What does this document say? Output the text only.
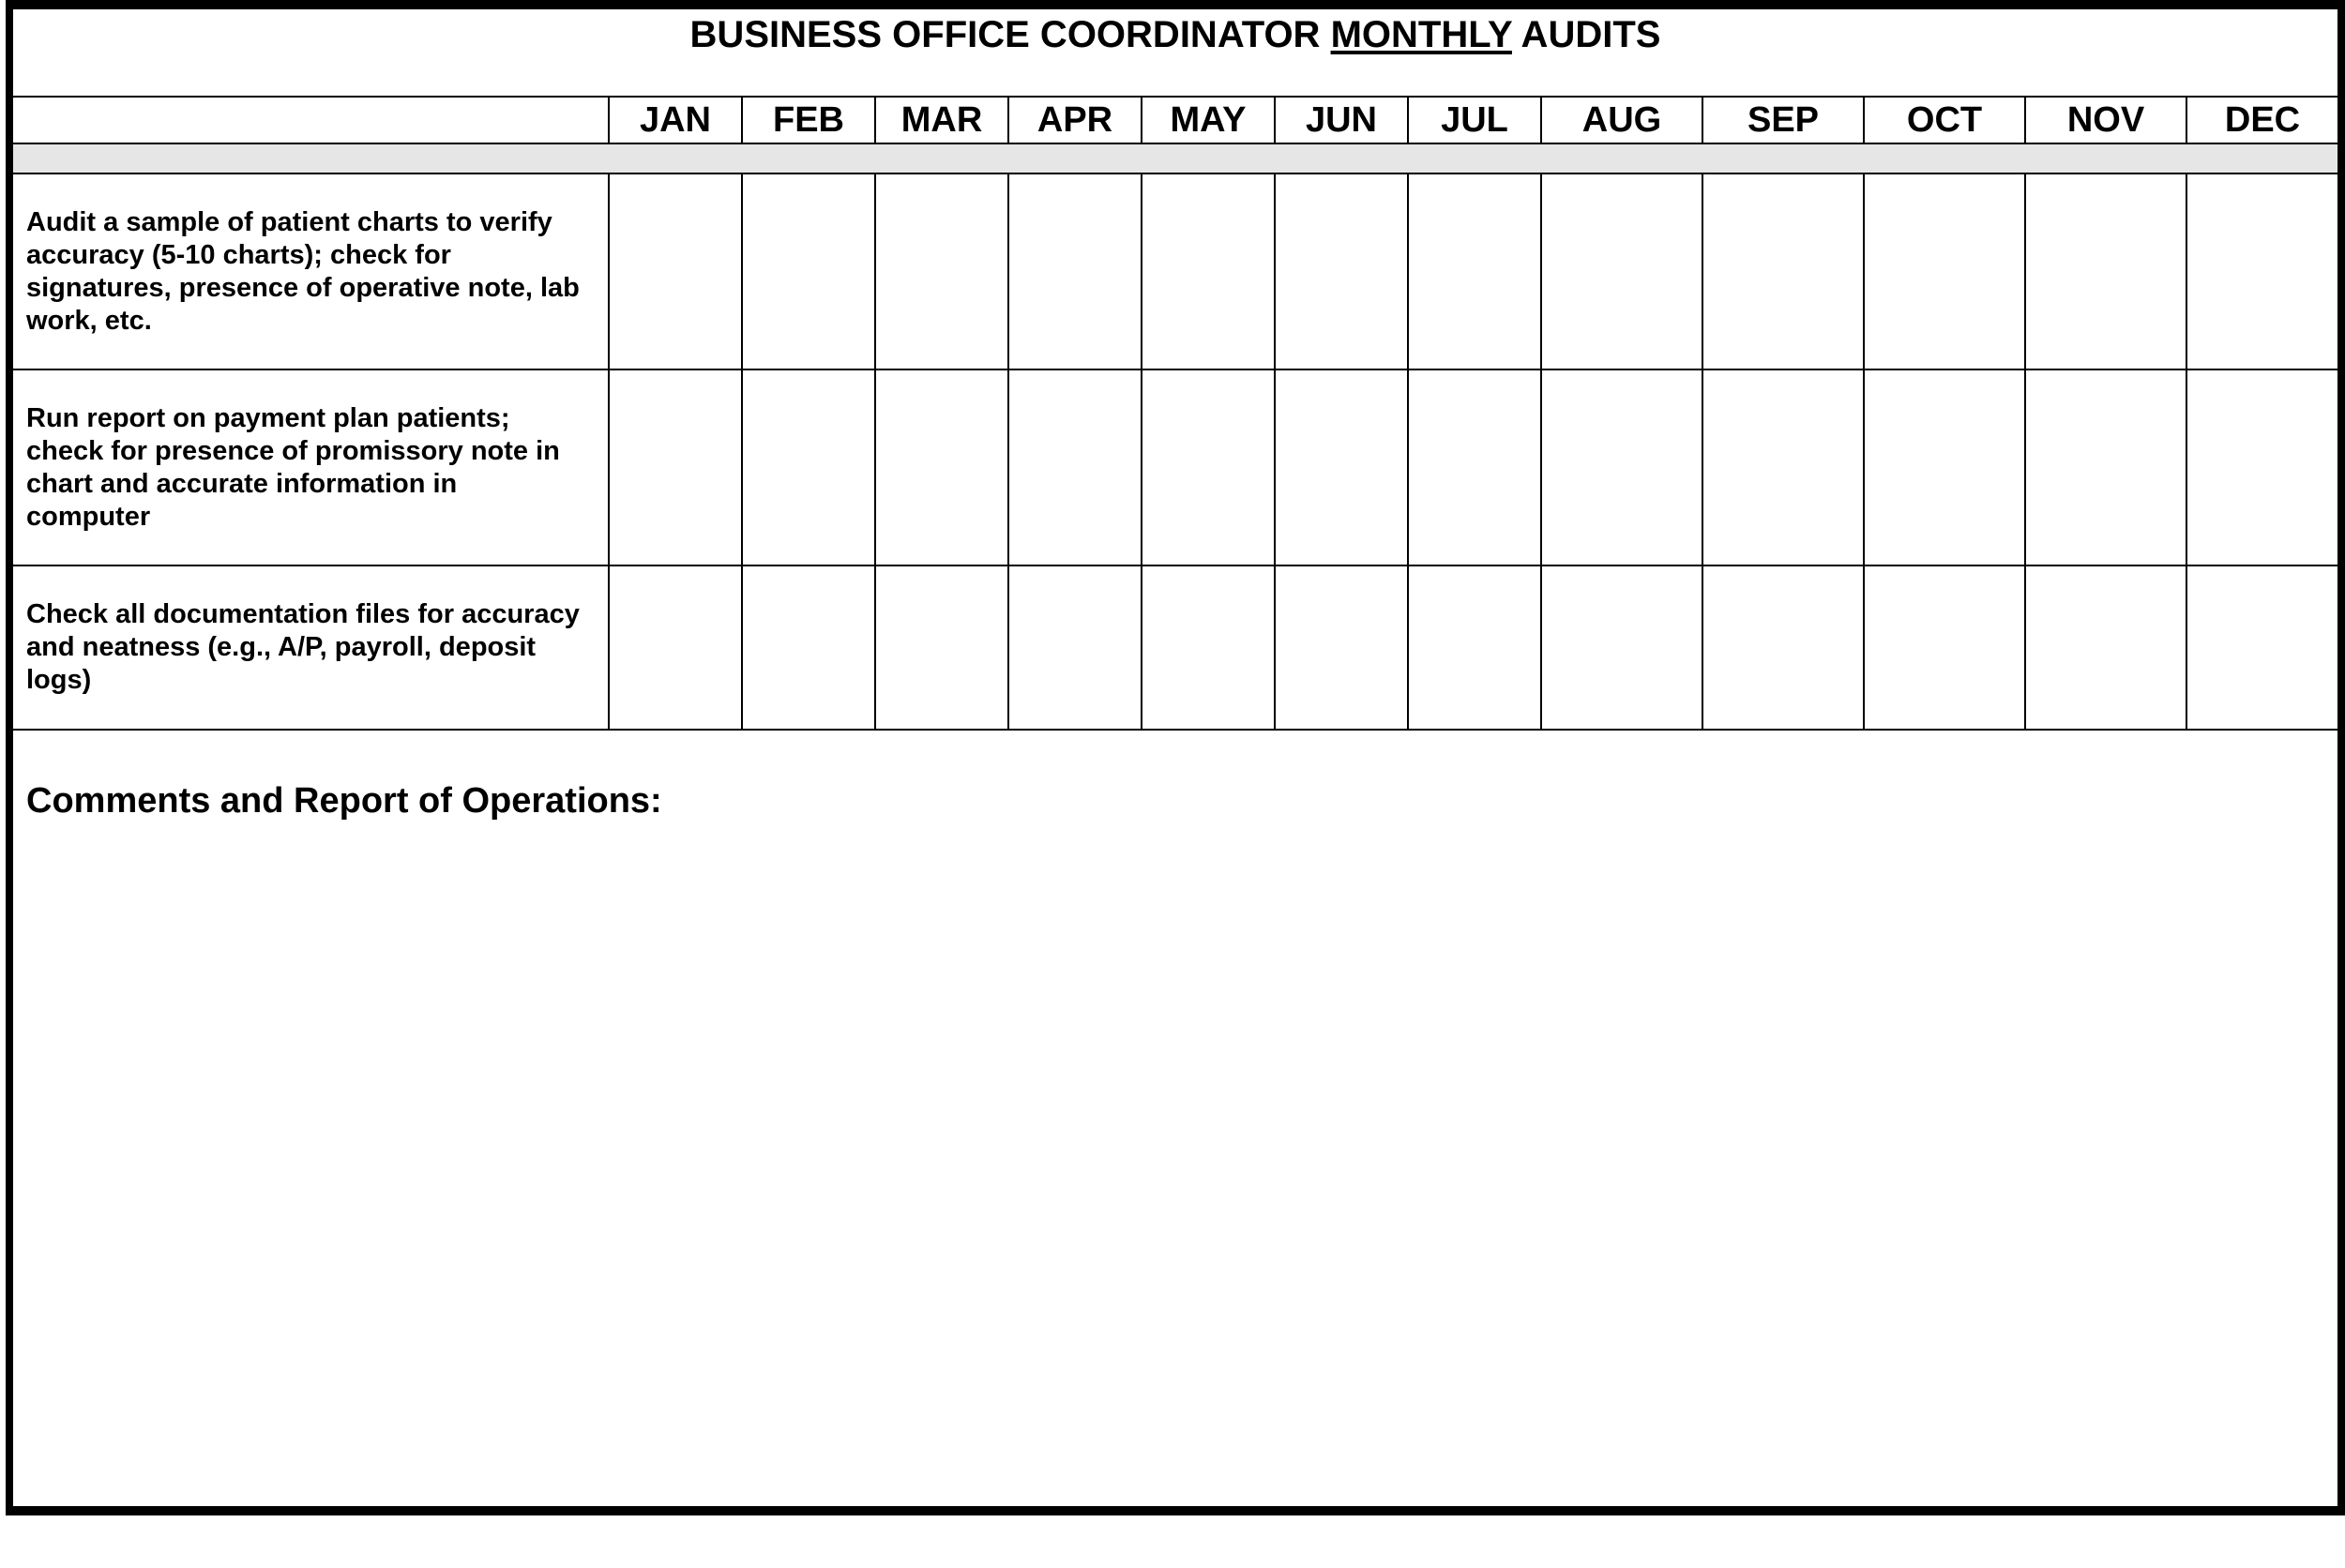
BUSINESS OFFICE COORDINATOR MONTHLY AUDITS
	JAN	FEB	MAR	APR	MAY	JUN	JUL	AUG	SEP	OCT	NOV	DEC

Audit a sample of patient charts to verify accuracy (5-10 charts); check for signatures, presence of operative note, lab work, etc.												
Run report on payment plan patients; check for presence of promissory note in chart and accurate information in computer												
Check all documentation files for accuracy and neatness (e.g., A/P, payroll, deposit logs)												
Comments and Report of Operations:
